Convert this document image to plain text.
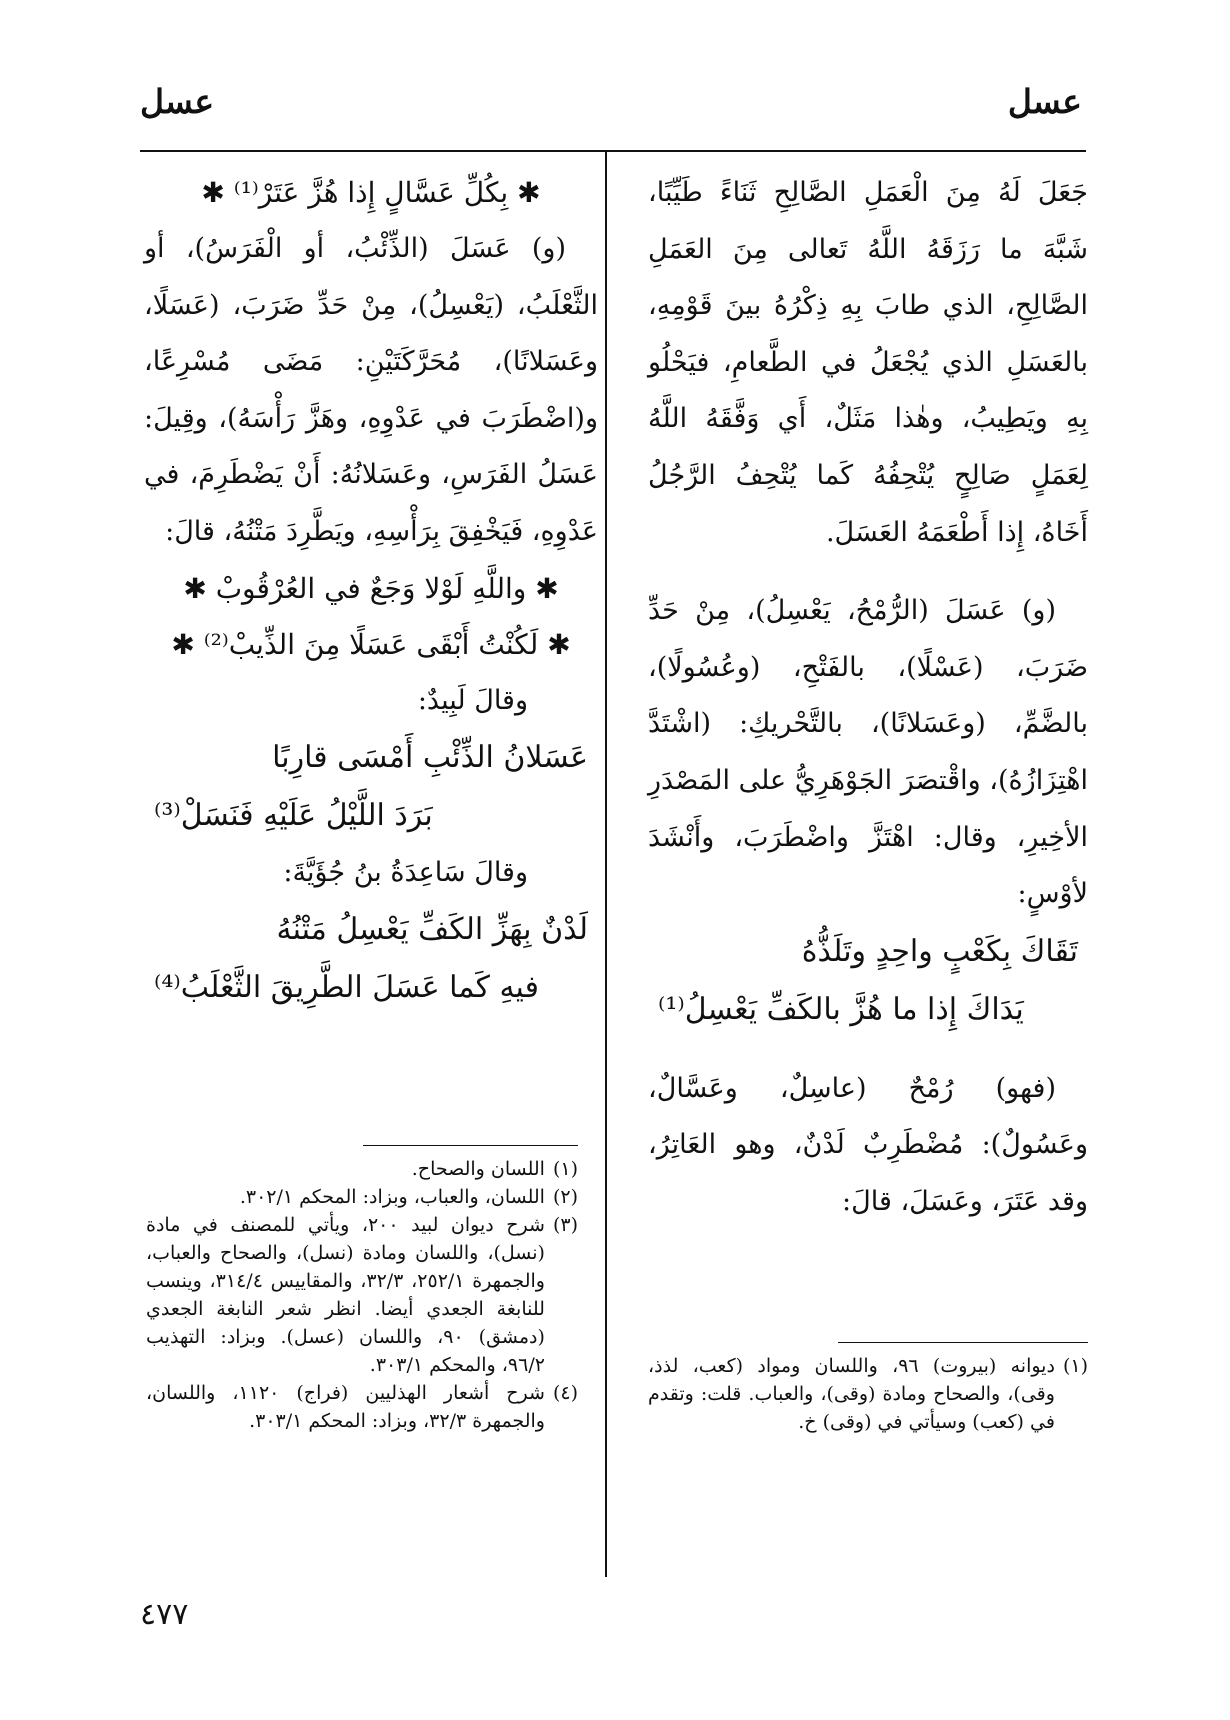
عسل
عسل

جَعَلَ لَهُ مِنَ الْعَمَلِ الصَّالِحِ ثَنَاءً طَيِّبًا، شَبَّهَ ما رَزَقَهُ اللَّهُ تَعالى مِنَ العَمَلِ الصَّالِحِ، الذي طابَ بِهِ ذِكْرُهُ بينَ قَوْمِهِ، بالعَسَلِ الذي يُجْعَلُ في الطَّعامِ، فيَحْلُو بِهِ ويَطِيبُ، وهٰذا مَثَلٌ، أَي وَفَّقَهُ اللَّهُ لِعَمَلٍ صَالِحٍ يُتْحِفُهُ كَما يُتْحِفُ الرَّجُلُ أَخَاهُ، إِذا أَطْعَمَهُ العَسَلَ.

(و) عَسَلَ (الرُّمْحُ، يَعْسِلُ)، مِنْ حَدِّ ضَرَبَ، (عَسْلًا)، بالفَتْحِ، (وعُسُولًا)، بالضَّمِّ، (وعَسَلانًا)، بالتَّحْريكِ: (اشْتَدَّ اهْتِزَازُهُ)، واقْتصَرَ الجَوْهَرِيُّ على المَصْدَرِ الأخِيرِ، وقال: اهْتَزَّ واضْطَرَبَ، وأَنْشَدَ لأوْسٍ:

تَقَاكَ بِكَعْبٍ واحِدٍ وتَلَذُّهُ
يَدَاكَ إِذا ما هُزَّ بالكَفِّ يَعْسِلُ⁽¹⁾

(فهو) رُمْحٌ (عاسِلٌ، وعَسَّالٌ، وعَسُولٌ): مُضْطَرِبٌ لَدْنٌ، وهو العَاتِرُ، وقد عَتَرَ، وعَسَلَ، قالَ:

✱ بِكُلِّ عَسَّالٍ إِذا هُزَّ عَتَرْ⁽¹⁾ ✱

(و) عَسَلَ (الذِّئْبُ، أو الْفَرَسُ)، أو الثَّعْلَبُ، (يَعْسِلُ)، مِنْ حَدِّ ضَرَبَ، (عَسَلًا، وعَسَلانًا)، مُحَرَّكَتَيْنِ: مَضَى مُسْرِعًا، و(اضْطَرَبَ في عَدْوِهِ، وهَزَّ رَأْسَهُ)، وقِيلَ: عَسَلُ الفَرَسِ، وعَسَلانُهُ: أَنْ يَضْطَرِمَ، في عَدْوِهِ، فَيَخْفِقَ بِرَأْسِهِ، ويَطَّرِدَ مَتْنُهُ، قالَ:

✱ واللَّهِ لَوْلا وَجَعٌ في العُرْقُوبْ ✱
✱ لَكُنْتُ أَبْقَى عَسَلًا مِنَ الذِّيبْ⁽²⁾ ✱
وقالَ لَبِيدٌ:
عَسَلانُ الذِّئْبِ أَمْسَى قارِبًا
بَرَدَ اللَّيْلُ عَلَيْهِ فَنَسَلْ⁽³⁾
وقالَ سَاعِدَةُ بنُ جُؤَيَّةَ:
لَدْنٌ بِهَزِّ الكَفِّ يَعْسِلُ مَتْنُهُ
فيهِ كَما عَسَلَ الطَّرِيقَ الثَّعْلَبُ⁽⁴⁾
(١)
ديوانه (بيروت) ٩٦، واللسان ومواد (كعب، لذذ، وقى)، والصحاح ومادة (وقى)، والعباب. قلت: وتقدم في (كعب) وسيأتي في (وقى) خ.
(١)
اللسان والصحاح.
(٢)
اللسان، والعباب، وبزاد: المحكم ٣٠٢/١.
(٣)
شرح ديوان لبيد ٢٠٠، ويأتي للمصنف في مادة (نسل)، واللسان ومادة (نسل)، والصحاح والعباب، والجمهرة ٢٥٢/١، ٣٢/٣، والمقاييس ٣١٤/٤، وينسب للنابغة الجعدي أيضا. انظر شعر النابغة الجعدي (دمشق) ٩٠، واللسان (عسل). وبزاد: التهذيب ٩٦/٢، والمحكم ٣٠٣/١.
(٤)
شرح أشعار الهذليين (فراج) ١١٢٠، واللسان، والجمهرة ٣٢/٣، وبزاد: المحكم ٣٠٣/١.
٤٧٧
